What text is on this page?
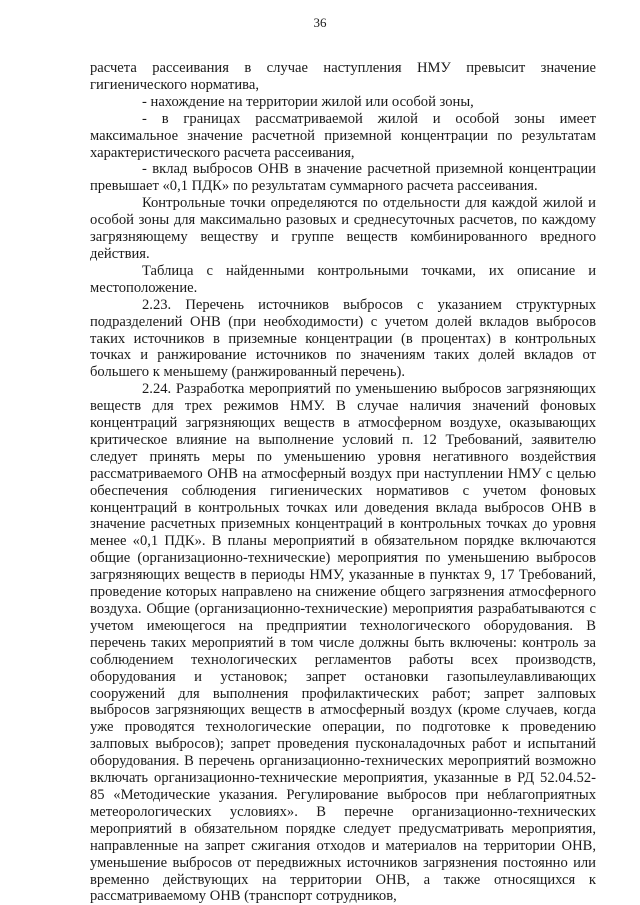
36

расчета рассеивания в случае наступления НМУ превысит значение гигиенического норматива,

- нахождение на территории жилой или особой зоны,

- в границах рассматриваемой жилой и особой зоны имеет максимальное значение расчетной приземной концентрации по результатам характеристического расчета рассеивания,

- вклад выбросов ОНВ в значение расчетной приземной концентрации превышает «0,1 ПДК» по результатам суммарного расчета рассеивания.

Контрольные точки определяются по отдельности для каждой жилой и особой зоны для максимально разовых и среднесуточных расчетов, по каждому загрязняющему веществу и группе веществ комбинированного вредного действия.

Таблица с найденными контрольными точками, их описание и местоположение.

2.23. Перечень источников выбросов с указанием структурных подразделений ОНВ (при необходимости) с учетом долей вкладов выбросов таких источников в приземные концентрации (в процентах) в контрольных точках и ранжирование источников по значениям таких долей вкладов от большего к меньшему (ранжированный перечень).

2.24. Разработка мероприятий по уменьшению выбросов загрязняющих веществ для трех режимов НМУ. В случае наличия значений фоновых концентраций загрязняющих веществ в атмосферном воздухе, оказывающих критическое влияние на выполнение условий п. 12 Требований, заявителю следует принять меры по уменьшению уровня негативного воздействия рассматриваемого ОНВ на атмосферный воздух при наступлении НМУ с целью обеспечения соблюдения гигиенических нормативов с учетом фоновых концентраций в контрольных точках или доведения вклада выбросов ОНВ в значение расчетных приземных концентраций в контрольных точках до уровня менее «0,1 ПДК». В планы мероприятий в обязательном порядке включаются общие (организационно-технические) мероприятия по уменьшению выбросов загрязняющих веществ в периоды НМУ, указанные в пунктах 9, 17 Требований, проведение которых направлено на снижение общего загрязнения атмосферного воздуха. Общие (организационно-технические) мероприятия разрабатываются с учетом имеющегося на предприятии технологического оборудования. В перечень таких мероприятий в том числе должны быть включены: контроль за соблюдением технологических регламентов работы всех производств, оборудования и установок; запрет остановки газопылеулавливающих сооружений для выполнения профилактических работ; запрет залповых выбросов загрязняющих веществ в атмосферный воздух (кроме случаев, когда уже проводятся технологические операции, по подготовке к проведению залповых выбросов); запрет проведения пусконаладочных работ и испытаний оборудования. В перечень организационно-технических мероприятий возможно включать организационно-технические мероприятия, указанные в РД 52.04.52-85 «Методические указания. Регулирование выбросов при неблагоприятных метеорологических условиях». В перечне организационно-технических мероприятий в обязательном порядке следует предусматривать мероприятия, направленные на запрет сжигания отходов и материалов на территории ОНВ, уменьшение выбросов от передвижных источников загрязнения постоянно или временно действующих на территории ОНВ, а также относящихся к рассматриваемому ОНВ (транспорт сотрудников,
